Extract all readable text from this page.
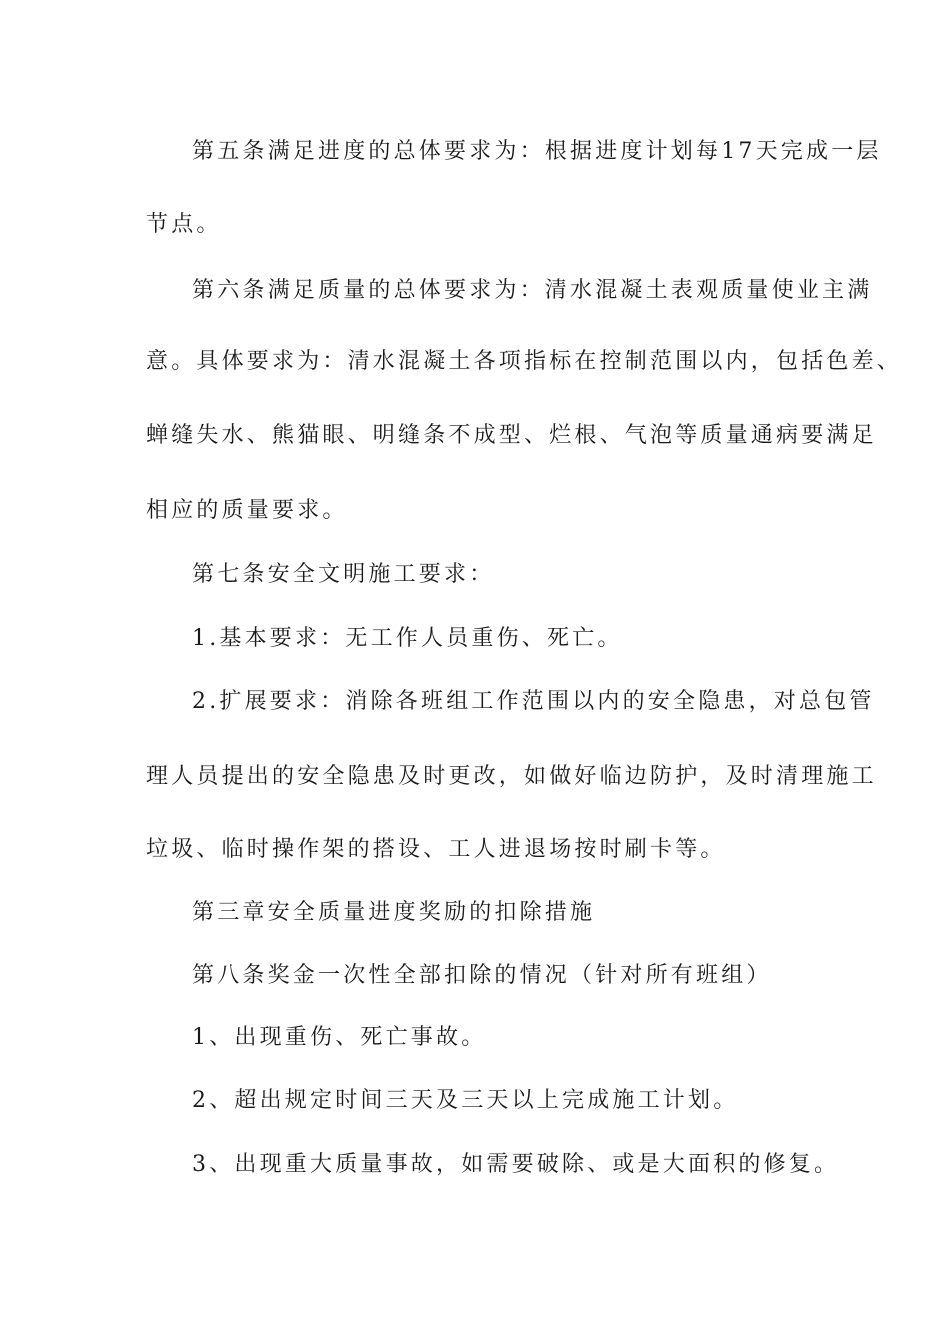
第五条满足进度的总体要求为：根据进度计划每17天完成一层
节点。
第六条满足质量的总体要求为：清水混凝土表观质量使业主满
意。具体要求为：清水混凝土各项指标在控制范围以内，包括色差、
蝉缝失水、熊猫眼、明缝条不成型、烂根、气泡等质量通病要满足
相应的质量要求。
第七条安全文明施工要求：
1.基本要求：无工作人员重伤、死亡。
2.扩展要求：消除各班组工作范围以内的安全隐患，对总包管
理人员提出的安全隐患及时更改，如做好临边防护，及时清理施工
垃圾、临时操作架的搭设、工人进退场按时刷卡等。
第三章安全质量进度奖励的扣除措施
第八条奖金一次性全部扣除的情况（针对所有班组）
1、出现重伤、死亡事故。
2、超出规定时间三天及三天以上完成施工计划。
3、出现重大质量事故，如需要破除、或是大面积的修复。
